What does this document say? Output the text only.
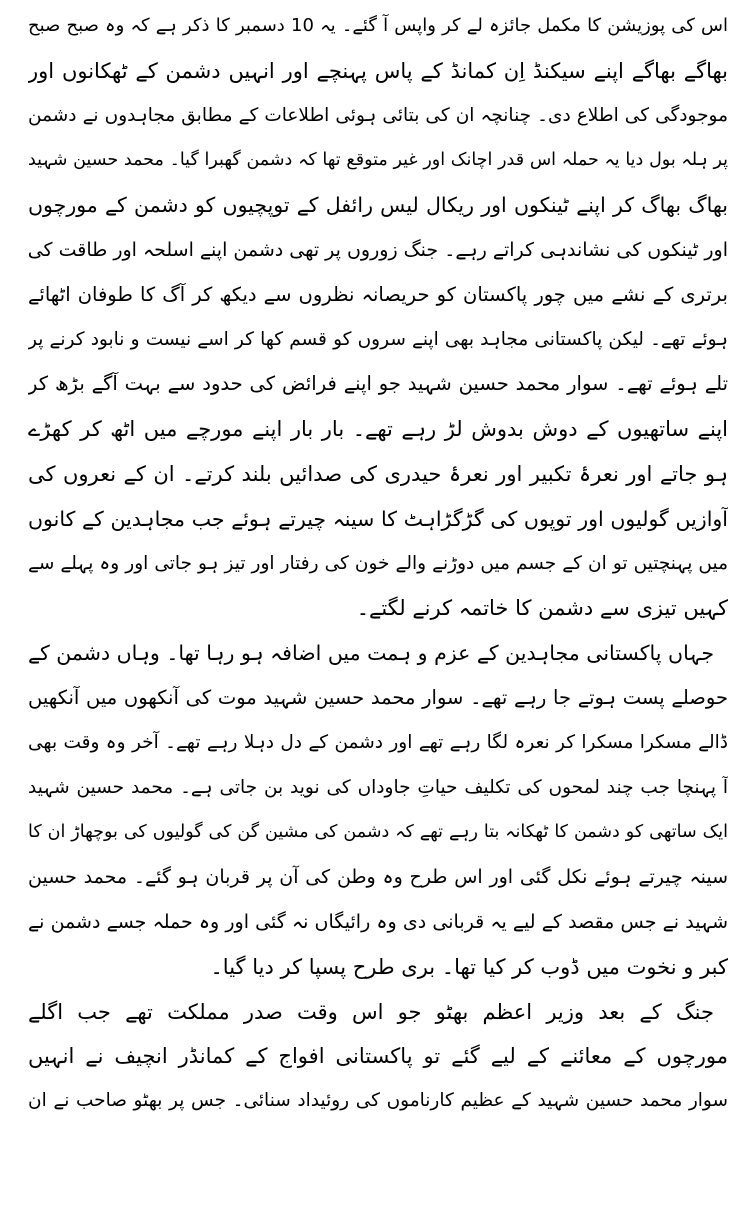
اس کی پوزیشن کا مکمل جائزہ لے کر واپس آ گئے۔ یہ 10 دسمبر کا ذکر ہے کہ وہ صبح صبح
بھاگے بھاگے اپنے سیکنڈ اِن کمانڈ کے پاس پہنچے اور انہیں دشمن کے ٹھکانوں اور
موجودگی کی اطلاع دی۔ چنانچہ ان کی بتائی ہوئی اطلاعات کے مطابق مجاہدوں نے دشمن
پر ہلہ بول دیا یہ حملہ اس قدر اچانک اور غیر متوقع تھا کہ دشمن گھبرا گیا۔ محمد حسین شہید
بھاگ بھاگ کر اپنے ٹینکوں اور ریکال لیس رائفل کے توپچیوں کو دشمن کے مورچوں
اور ٹینکوں کی نشاندہی کراتے رہے۔ جنگ زوروں پر تھی دشمن اپنے اسلحہ اور طاقت کی
برتری کے نشے میں چور پاکستان کو حریصانہ نظروں سے دیکھ کر آگ کا طوفان اٹھائے
ہوئے تھے۔ لیکن پاکستانی مجاہد بھی اپنے سروں کو قسم کھا کر اسے نیست و نابود کرنے پر
تلے ہوئے تھے۔ سوار محمد حسین شہید جو اپنے فرائض کی حدود سے بہت آگے بڑھ کر
اپنے ساتھیوں کے دوش بدوش لڑ رہے تھے۔ بار بار اپنے مورچے میں اٹھ کر کھڑے
ہو جاتے اور نعرۂ تکبیر اور نعرۂ حیدری کی صدائیں بلند کرتے۔ ان کے نعروں کی
آوازیں گولیوں اور توپوں کی گڑگڑاہٹ کا سینہ چیرتے ہوئے جب مجاہدین کے کانوں
میں پہنچتیں تو ان کے جسم میں دوڑنے والے خون کی رفتار اور تیز ہو جاتی اور وہ پہلے سے
کہیں تیزی سے دشمن کا خاتمہ کرنے لگتے۔
جہاں پاکستانی مجاہدین کے عزم و ہمت میں اضافہ ہو رہا تھا۔ وہاں دشمن کے
حوصلے پست ہوتے جا رہے تھے۔ سوار محمد حسین شہید موت کی آنکھوں میں آنکھیں
ڈالے مسکرا مسکرا کر نعرہ لگا رہے تھے اور دشمن کے دل دہلا رہے تھے۔ آخر وہ وقت بھی
آ پہنچا جب چند لمحوں کی تکلیف حیاتِ جاوداں کی نوید بن جاتی ہے۔ محمد حسین شہید
ایک ساتھی کو دشمن کا ٹھکانہ بتا رہے تھے کہ دشمن کی مشین گن کی گولیوں کی بوچھاڑ ان کا
سینہ چیرتے ہوئے نکل گئی اور اس طرح وہ وطن کی آن پر قربان ہو گئے۔ محمد حسین
شہید نے جس مقصد کے لیے یہ قربانی دی وہ رائیگاں نہ گئی اور وہ حملہ جسے دشمن نے
کبر و نخوت میں ڈوب کر کیا تھا۔ بری طرح پسپا کر دیا گیا۔
جنگ کے بعد وزیر اعظم بھٹو جو اس وقت صدر مملکت تھے جب اگلے
مورچوں کے معائنے کے لیے گئے تو پاکستانی افواج کے کمانڈر انچیف نے انہیں
سوار محمد حسین شہید کے عظیم کارناموں کی روئیداد سنائی۔ جس پر بھٹو صاحب نے ان
